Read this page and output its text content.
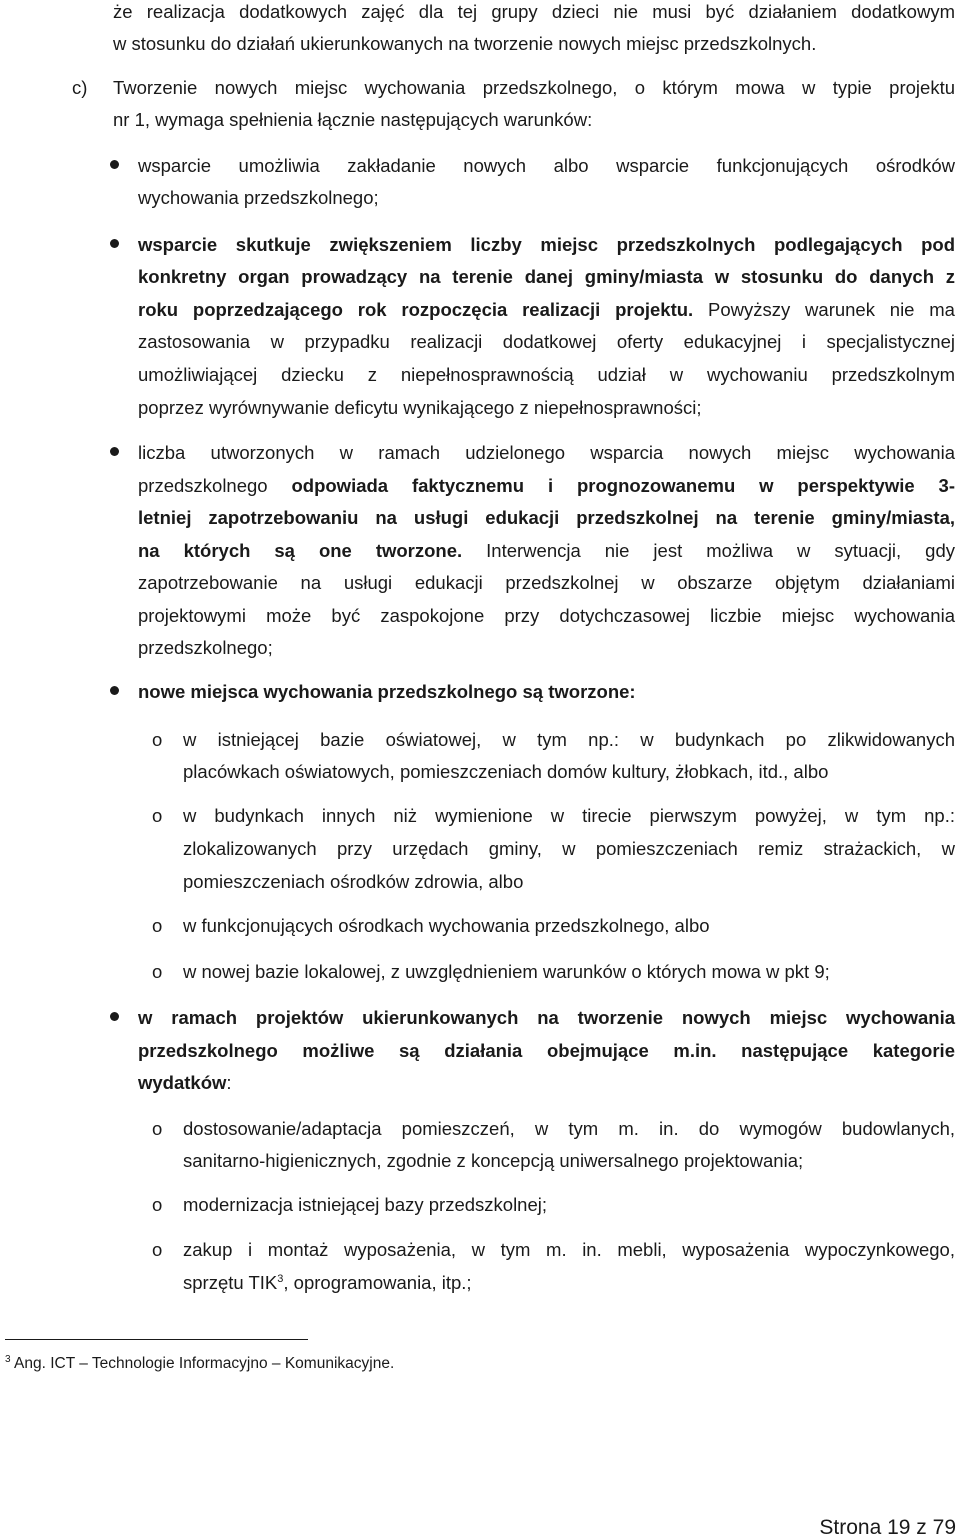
że realizacja dodatkowych zajęć dla tej grupy dzieci nie musi być działaniem dodatkowym
w stosunku do działań ukierunkowanych na tworzenie nowych miejsc przedszkolnych.
c) Tworzenie nowych miejsc wychowania przedszkolnego, o którym mowa w typie projektu
nr 1, wymaga spełnienia łącznie następujących warunków:
wsparcie umożliwia zakładanie nowych albo wsparcie funkcjonujących ośrodków
wychowania przedszkolnego;
wsparcie skutkuje zwiększeniem liczby miejsc przedszkolnych podlegających pod
konkretny organ prowadzący na terenie danej gminy/miasta w stosunku do danych z
roku poprzedzającego rok rozpoczęcia realizacji projektu. Powyższy warunek nie ma
zastosowania w przypadku realizacji dodatkowej oferty edukacyjnej i specjalistycznej
umożliwiającej dziecku z niepełnosprawnością udział w wychowaniu przedszkolnym
poprzez wyrównywanie deficytu wynikającego z niepełnosprawności;
liczba utworzonych w ramach udzielonego wsparcia nowych miejsc wychowania
przedszkolnego odpowiada faktycznemu i prognozowanemu w perspektywie 3-
letniej zapotrzebowaniu na usługi edukacji przedszkolnej na terenie gminy/miasta,
na których są one tworzone. Interwencja nie jest możliwa w sytuacji, gdy
zapotrzebowanie na usługi edukacji przedszkolnej w obszarze objętym działaniami
projektowymi może być zaspokojone przy dotychczasowej liczbie miejsc wychowania
przedszkolnego;
nowe miejsca wychowania przedszkolnego są tworzone:
o w istniejącej bazie oświatowej, w tym np.: w budynkach po zlikwidowanych
placówkach oświatowych, pomieszczeniach domów kultury, żłobkach, itd., albo
o w budynkach innych niż wymienione w tirecie pierwszym powyżej, w tym np.:
zlokalizowanych przy urzędach gminy, w pomieszczeniach remiz strażackich, w
pomieszczeniach ośrodków zdrowia, albo
o w funkcjonujących ośrodkach wychowania przedszkolnego, albo
o w nowej bazie lokalowej, z uwzględnieniem warunków o których mowa w pkt 9;
w ramach projektów ukierunkowanych na tworzenie nowych miejsc wychowania
przedszkolnego możliwe są działania obejmujące m.in. następujące kategorie
wydatków:
o dostosowanie/adaptacja pomieszczeń, w tym m. in. do wymogów budowlanych,
sanitarno-higienicznych, zgodnie z koncepcją uniwersalnego projektowania;
o modernizacja istniejącej bazy przedszkolnej;
o zakup i montaż wyposażenia, w tym m. in. mebli, wyposażenia wypoczynkowego,
sprzętu TIK$^3$, oprogramowania, itp.;
$^3$ Ang. ICT – Technologie Informacyjno – Komunikacyjne.
Strona 19 z 79
